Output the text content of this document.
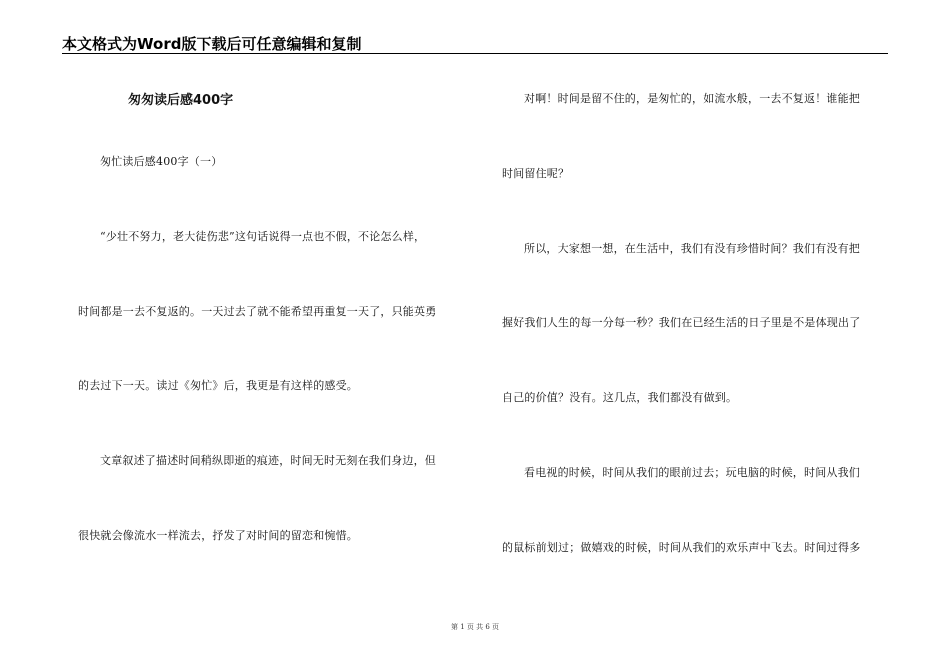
本文格式为Word版下载后可任意编辑和复制
匆匆读后感400字
匆忙读后感400字（一）
“少壮不努力，老大徒伤悲”这句话说得一点也不假，不论怎么样，
时间都是一去不复返的。一天过去了就不能希望再重复一天了，只能英勇
的去过下一天。读过《匆忙》后，我更是有这样的感受。
文章叙述了描述时间稍纵即逝的痕迹，时间无时无刻在我们身边，但
很快就会像流水一样流去，抒发了对时间的留恋和惋惜。
对啊！时间是留不住的，是匆忙的，如流水般，一去不复返！谁能把
时间留住呢？
所以，大家想一想，在生活中，我们有没有珍惜时间？我们有没有把
握好我们人生的每一分每一秒？我们在已经生活的日子里是不是体现出了
自己的价值？没有。这几点，我们都没有做到。
看电视的时候，时间从我们的眼前过去；玩电脑的时候，时间从我们
的鼠标前划过；做嬉戏的时候，时间从我们的欢乐声中飞去。时间过得多
第 1 页 共 6 页
